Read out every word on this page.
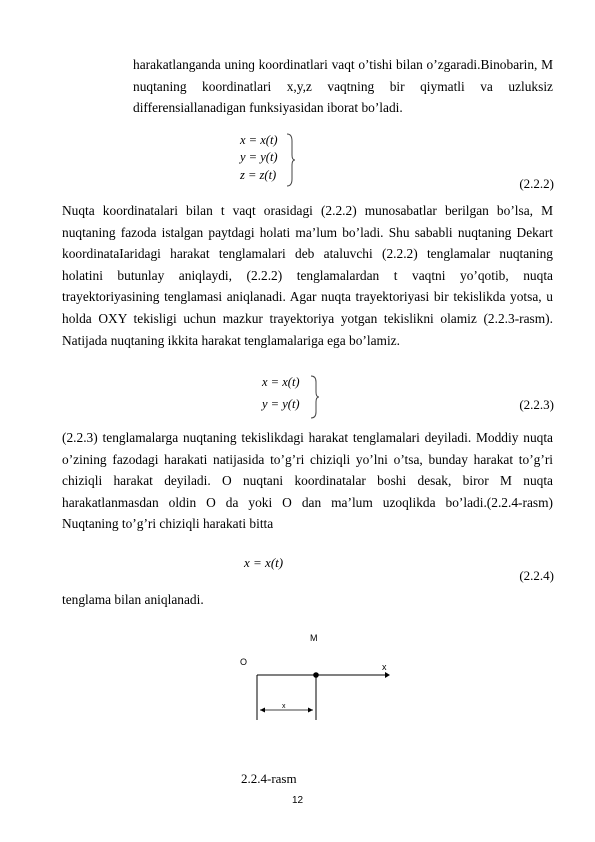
harakatlanganda uninɡ koordinatlari vaqt o’tishi bilan o’zgaradi.Binobarin, M nuqtaning koordinatlari x,y,z vaqtning bir qiymatli va uzluksiz differensiallanadigan funksiyasidan iborat bo’ladi.
x = x(t)
y = y(t)
z = z(t)
(2.2.2)
Nuqta koordinatalari bilan t vaqt orasidagi (2.2.2) munosabatlar berilgan bo’lsa, M nuqtaning fazoda istalgan paytdagi holati ma’lum bo’ladi. Shu sababli nuqtaning Dekart koordinataIaridagi harakat tenglamalari deb ataluvchi (2.2.2) tenglamalar nuqtaning holatini butunlay aniqlaydi, (2.2.2) tenglamalardan t vaqtni yo’qotib, nuqta trayektoriyasining tenglamasi aniqlanadi. Agar nuqta trayektoriyasi bir tekislikda yotsa, u holda OXY tekisligi uchun mazkur trayektoriya yotgan tekislikni olamiz (2.2.3-rasm). Natijada nuqtaning ikkita harakat tenglamalariga ega bo’lamiz.
x = x(t)
y = y(t)	(2.2.3)
(2.2.3) tenglamalarga nuqtaning tekislikdagi harakat tenglamalari deyiladi. Moddiy nuqta o’zining fazodagi harakati natijasida to’g’ri chiziqli yo’lni o’tsa, bunday harakat to’g’ri chiziqli harakat deyiladi. O nuqtani koordinatalar boshi desak, biror M nuqta harakatlanmasdan oldin O da yoki O dan ma’lum uzoqlikda bo’ladi.(2.2.4-rasm) Nuqtaning to’g’ri chiziqli harakati bitta
x = x(t)
(2.2.4)
tenglama bilan aniqlanadi.
M
O	x
x
2.2.4-rasm
12
